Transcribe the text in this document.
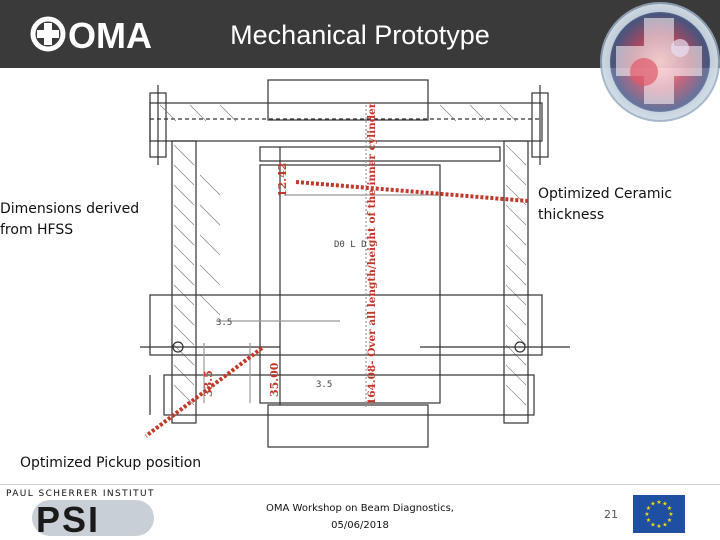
OMA	Mechanical Prototype
D0 L D
3.5
3.5
12.42	164.08- Over all length/height of the inner cylinder
33.5	35.00
Dimensions derived
from HFSS
Optimized Ceramic
thickness
Optimized Pickup position
PAUL SCHERRER INSTITUT
PSI	OMA Workshop on Beam Diagnostics,
05/06/2018
21
★ ★
★
★
★
★
★
★
★
★
★
★
